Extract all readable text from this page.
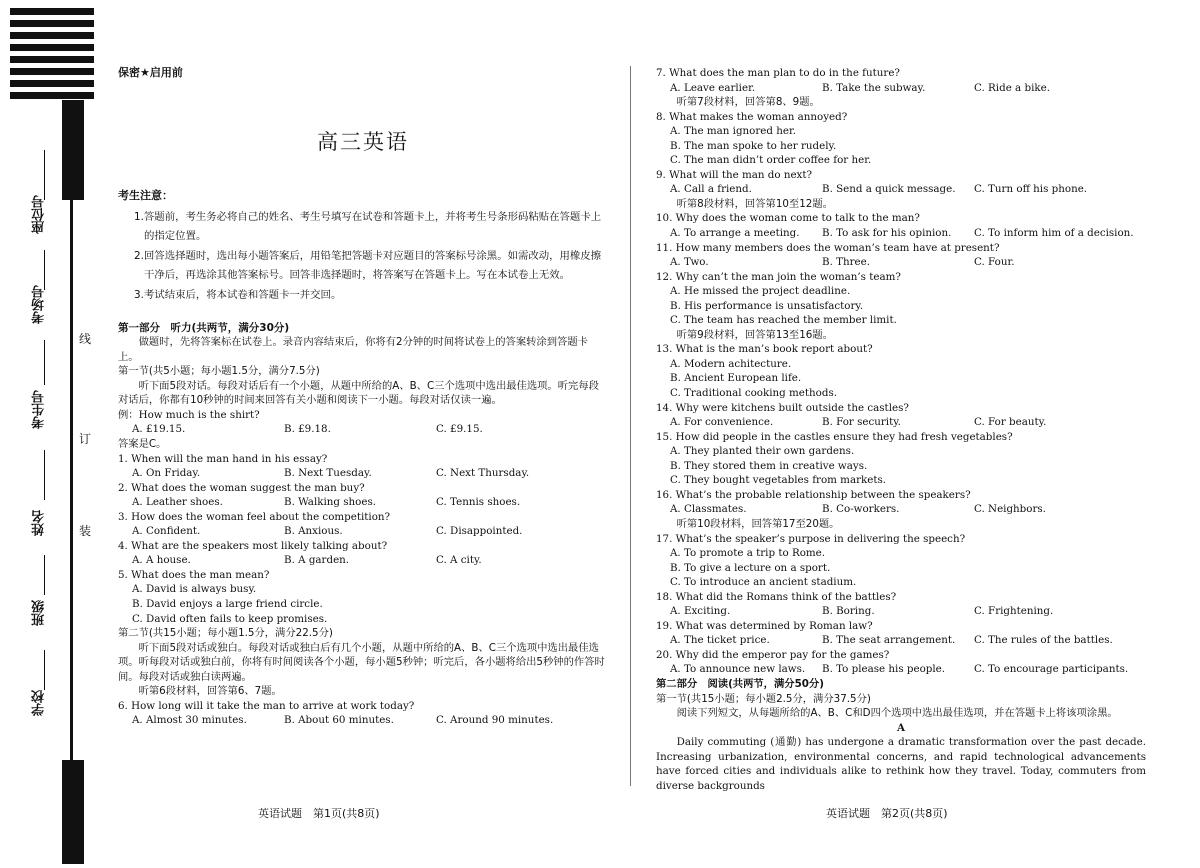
座位号
考场号
考生号
姓名
班级
学校
线
订
装
保密★启用前
高三英语
考生注意：
1.答题前，考生务必将自己的姓名、考生号填写在试卷和答题卡上，并将考生号条形码粘贴在答题卡上的指定位置。
2.回答选择题时，选出每小题答案后，用铅笔把答题卡对应题目的答案标号涂黑。如需改动，用橡皮擦干净后，再选涂其他答案标号。回答非选择题时，将答案写在答题卡上。写在本试卷上无效。
3.考试结束后，将本试卷和答题卡一并交回。
第一部分　听力(共两节，满分30分)
做题时，先将答案标在试卷上。录音内容结束后，你将有2分钟的时间将试卷上的答案转涂到答题卡上。
第一节(共5小题；每小题1.5分，满分7.5分)
听下面5段对话。每段对话后有一个小题，从题中所给的A、B、C三个选项中选出最佳选项。听完每段对话后，你都有10秒钟的时间来回答有关小题和阅读下一小题。每段对话仅读一遍。
例：How much is the shirt?
A. £19.15.	B. £9.18.	C. £9.15.
答案是C。
1. When will the man hand in his essay?
A. On Friday.	B. Next Tuesday.	C. Next Thursday.
2. What does the woman suggest the man buy?
A. Leather shoes.	B. Walking shoes.	C. Tennis shoes.
3. How does the woman feel about the competition?
A. Confident.	B. Anxious.	C. Disappointed.
4. What are the speakers most likely talking about?
A. A house.	B. A garden.	C. A city.
5. What does the man mean?
A. David is always busy.
B. David enjoys a large friend circle.
C. David often fails to keep promises.
第二节(共15小题；每小题1.5分，满分22.5分)
听下面5段对话或独白。每段对话或独白后有几个小题，从题中所给的A、B、C三个选项中选出最佳选项。听每段对话或独白前，你将有时间阅读各个小题，每小题5秒钟；听完后，各小题将给出5秒钟的作答时间。每段对话或独白读两遍。
听第6段材料，回答第6、7题。
6. How long will it take the man to arrive at work today?
A. Almost 30 minutes.	B. About 60 minutes.	C. Around 90 minutes.
7. What does the man plan to do in the future?
A. Leave earlier.	B. Take the subway.	C. Ride a bike.
听第7段材料，回答第8、9题。
8. What makes the woman annoyed?
A. The man ignored her.
B. The man spoke to her rudely.
C. The man didn’t order coffee for her.
9. What will the man do next?
A. Call a friend.	B. Send a quick message.	C. Turn off his phone.
听第8段材料，回答第10至12题。
10. Why does the woman come to talk to the man?
A. To arrange a meeting.	B. To ask for his opinion.	C. To inform him of a decision.
11. How many members does the woman’s team have at present?
A. Two.	B. Three.	C. Four.
12. Why can’t the man join the woman’s team?
A. He missed the project deadline.
B. His performance is unsatisfactory.
C. The team has reached the member limit.
听第9段材料，回答第13至16题。
13. What is the man’s book report about?
A. Modern achitecture.
B. Ancient European life.
C. Traditional cooking methods.
14. Why were kitchens built outside the castles?
A. For convenience.	B. For security.	C. For beauty.
15. How did people in the castles ensure they had fresh vegetables?
A. They planted their own gardens.
B. They stored them in creative ways.
C. They bought vegetables from markets.
16. What’s the probable relationship between the speakers?
A. Classmates.	B. Co-workers.	C. Neighbors.
听第10段材料，回答第17至20题。
17. What’s the speaker’s purpose in delivering the speech?
A. To promote a trip to Rome.
B. To give a lecture on a sport.
C. To introduce an ancient stadium.
18. What did the Romans think of the battles?
A. Exciting.	B. Boring.	C. Frightening.
19. What was determined by Roman law?
A. The ticket price.	B. The seat arrangement.	C. The rules of the battles.
20. Why did the emperor pay for the games?
A. To announce new laws.	B. To please his people.	C. To encourage participants.
第二部分　阅读(共两节，满分50分)
第一节(共15小题；每小题2.5分，满分37.5分)
阅读下列短文，从每题所给的A、B、C和D四个选项中选出最佳选项，并在答题卡上将该项涂黑。
A
Daily commuting (通勤) has undergone a dramatic transformation over the past decade. Increasing urbanization, environmental concerns, and rapid technological advancements have forced cities and individuals alike to rethink how they travel. Today, commuters from diverse backgrounds
英语试题　第1页(共8页)	英语试题　第2页(共8页)
